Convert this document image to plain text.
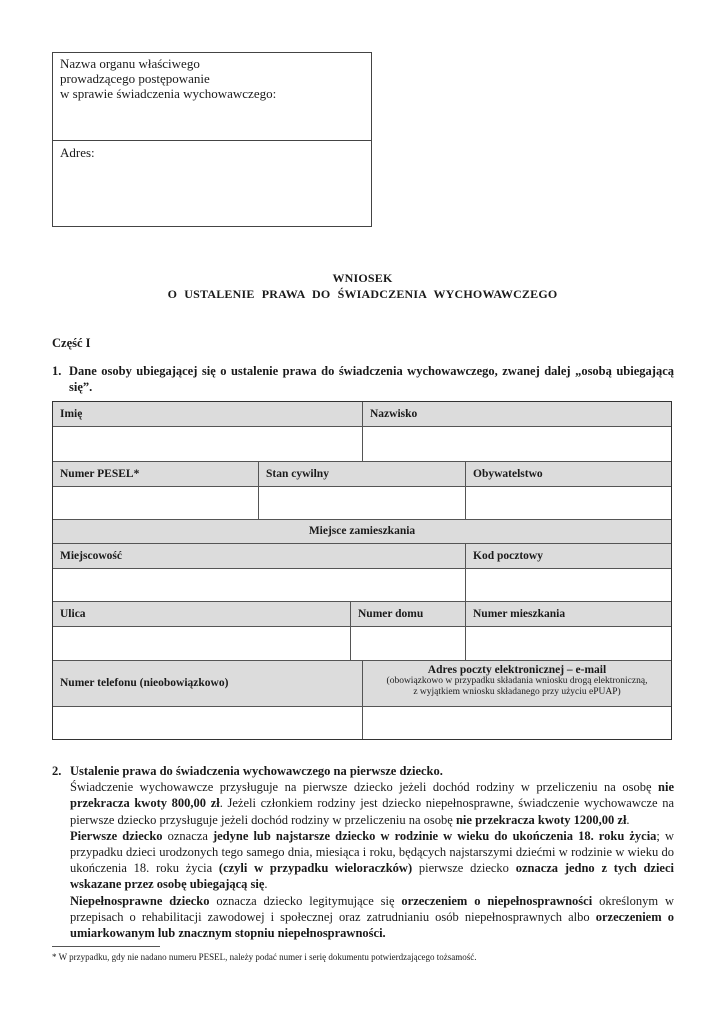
Nazwa organu właściwego
prowadzącego postępowanie
w sprawie świadczenia wychowawczego:
Adres:
WNIOSEK
O USTALENIE PRAWA DO ŚWIADCZENIA WYCHOWAWCZEGO
Część I
1. Dane osoby ubiegającej się o ustalenie prawa do świadczenia wychowawczego, zwanej dalej „osobą ubiegającą się”.
Imię	Nazwisko
Numer PESEL*	Stan cywilny	Obywatelstwo
Miejsce zamieszkania
Miejscowość	Kod pocztowy
Ulica	Numer domu	Numer mieszkania
Numer telefonu (nieobowiązkowo)
Adres poczty elektronicznej – e-mail
(obowiązkowo w przypadku składania wniosku drogą elektroniczną,
z wyjątkiem wniosku składanego przy użyciu ePUAP)
2. Ustalenie prawa do świadczenia wychowawczego na pierwsze dziecko.

Świadczenie wychowawcze przysługuje na pierwsze dziecko jeżeli dochód rodziny w przeliczeniu na osobę nie przekracza kwoty 800,00 zł. Jeżeli członkiem rodziny jest dziecko niepełnosprawne, świadczenie wychowawcze na pierwsze dziecko przysługuje jeżeli dochód rodziny w przeliczeniu na osobę nie przekracza kwoty 1200,00 zł.

Pierwsze dziecko oznacza jedyne lub najstarsze dziecko w rodzinie w wieku do ukończenia 18. roku życia; w przypadku dzieci urodzonych tego samego dnia, miesiąca i roku, będących najstarszymi dziećmi w rodzinie w wieku do ukończenia 18. roku życia (czyli w przypadku wieloraczków) pierwsze dziecko oznacza jedno z tych dzieci wskazane przez osobę ubiegającą się.

Niepełnosprawne dziecko oznacza dziecko legitymujące się orzeczeniem o niepełnosprawności określonym w przepisach o rehabilitacji zawodowej i społecznej oraz zatrudnianiu osób niepełnosprawnych albo orzeczeniem o umiarkowanym lub znacznym stopniu niepełnosprawności.

* W przypadku, gdy nie nadano numeru PESEL, należy podać numer i serię dokumentu potwierdzającego tożsamość.
